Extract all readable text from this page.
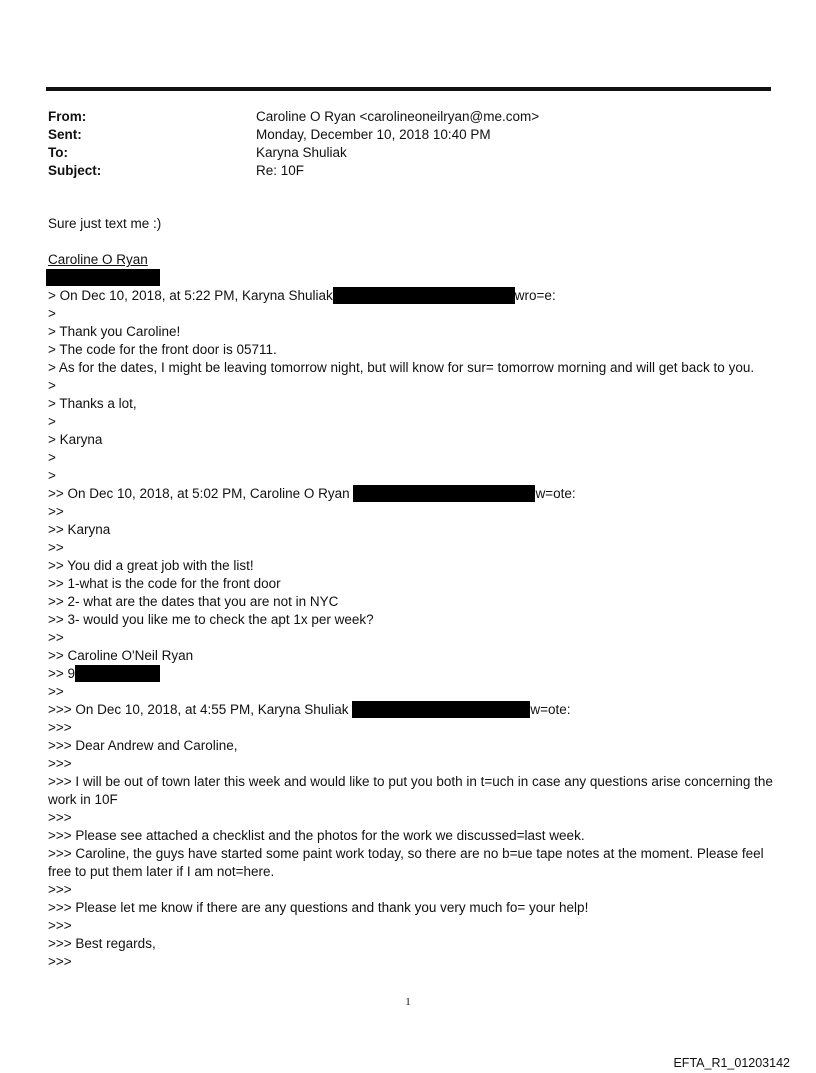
From:	Caroline O Ryan <carolineoneilryan@me.com>
Sent:	Monday, December 10, 2018 10:40 PM
To:	Karyna Shuliak
Subject:	Re: 10F
Sure just text me :)
Caroline O Ryan
> On Dec 10, 2018, at 5:22 PM, Karyna Shuliak	wro=e:
>
> Thank you Caroline!
> The code for the front door is 05711.
> As for the dates, I might be leaving tomorrow night, but will know for sur= tomorrow morning and will get back to you.
>
> Thanks a lot,
>
> Karyna
>
>
>> On Dec 10, 2018, at 5:02 PM, Caroline O Ryan	w=ote:
>>
>> Karyna
>>
>> You did a great job with the list!
>> 1-what is the code for the front door
>> 2- what are the dates that you are not in NYC
>> 3- would you like me to check the apt 1x per week?
>>
>> Caroline O'Neil Ryan
>> 9
>>
>>> On Dec 10, 2018, at 4:55 PM, Karyna Shuliak	w=ote:
>>>
>>> Dear Andrew and Caroline,
>>>
>>> I will be out of town later this week and would like to put you both in t=uch in case any questions arise concerning the work in 10F
>>>
>>> Please see attached a checklist and the photos for the work we discussed=last week.
>>> Caroline, the guys have started some paint work today, so there are no b=ue tape notes at the moment. Please feel free to put them later if I am not=here.
>>>
>>> Please let me know if there are any questions and thank you very much fo= your help!
>>>
>>> Best regards,
>>>
1
EFTA_R1_01203142
